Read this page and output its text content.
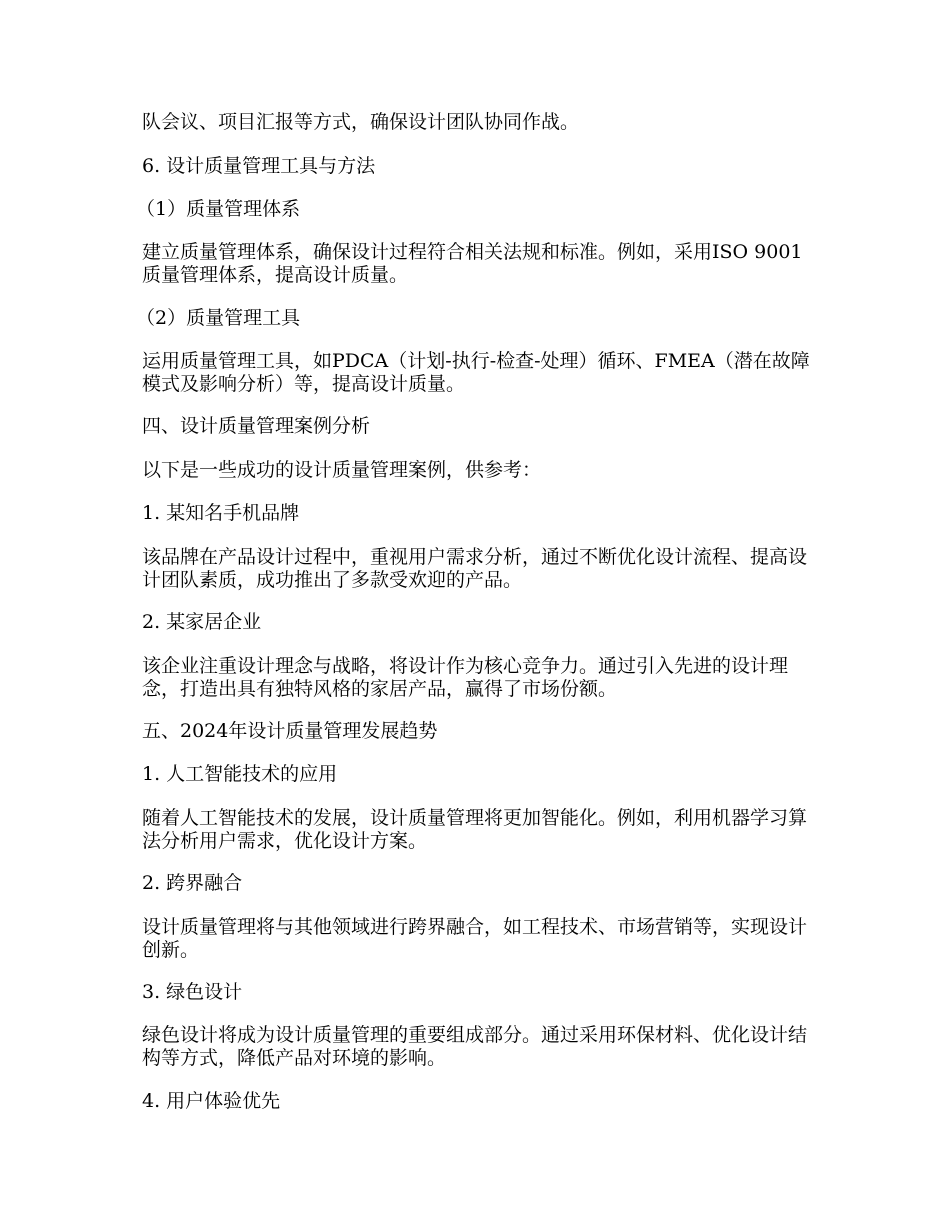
队会议、项目汇报等方式，确保设计团队协同作战。

6. 设计质量管理工具与方法

（1）质量管理体系

建立质量管理体系，确保设计过程符合相关法规和标准。例如，采用ISO 9001质量管理体系，提高设计质量。

（2）质量管理工具

运用质量管理工具，如PDCA（计划-执行-检查-处理）循环、FMEA（潜在故障模式及影响分析）等，提高设计质量。

四、设计质量管理案例分析

以下是一些成功的设计质量管理案例，供参考：

1. 某知名手机品牌

该品牌在产品设计过程中，重视用户需求分析，通过不断优化设计流程、提高设计团队素质，成功推出了多款受欢迎的产品。

2. 某家居企业

该企业注重设计理念与战略，将设计作为核心竞争力。通过引入先进的设计理念，打造出具有独特风格的家居产品，赢得了市场份额。

五、2024年设计质量管理发展趋势

1. 人工智能技术的应用

随着人工智能技术的发展，设计质量管理将更加智能化。例如，利用机器学习算法分析用户需求，优化设计方案。

2. 跨界融合

设计质量管理将与其他领域进行跨界融合，如工程技术、市场营销等，实现设计创新。

3. 绿色设计

绿色设计将成为设计质量管理的重要组成部分。通过采用环保材料、优化设计结构等方式，降低产品对环境的影响。

4. 用户体验优先
